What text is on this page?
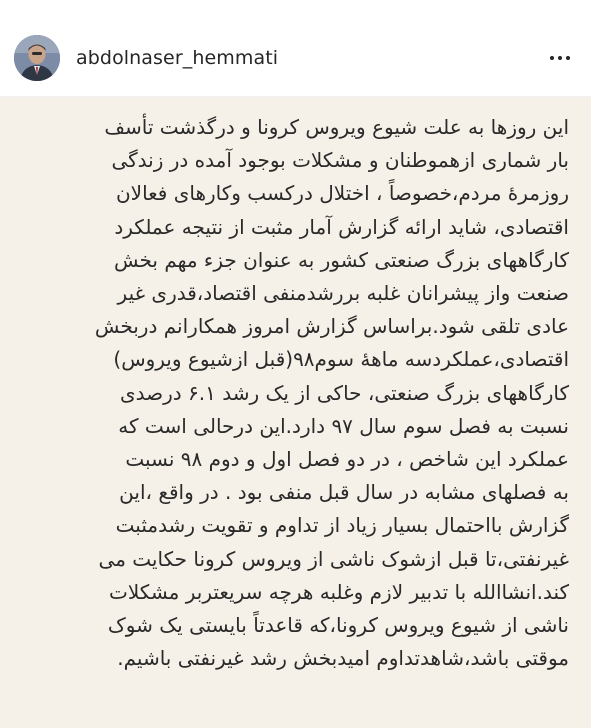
abdolnaser_hemmati
این روزها به علت شیوع ویروس کرونا و درگذشت تأسف
بار شماری ازهموطنان و مشکلات بوجود آمده در زندگی
روزمرۀ مردم،خصوصاً ، اختلال درکسب وکارهای فعالان
اقتصادی، شاید ارائه گزارش آمار مثبت از نتیجه عملکرد
کارگاههای بزرگ صنعتی کشور به عنوان جزء مهم بخش
صنعت واز پیشرانان غلبه بررشدمنفی اقتصاد،قدری غیر
عادی تلقی شود.براساس گزارش امروز همکارانم دربخش
اقتصادی،عملکردسه ماهۀ سوم۹۸(قبل ازشیوع ویروس)
کارگاههای بزرگ صنعتی، حاکی از یک رشد ۶.۱ درصدی
نسبت به فصل سوم سال ۹۷ دارد.این درحالی است که
عملکرد این شاخص ، در دو فصل اول و دوم ۹۸ نسبت
به فصلهای مشابه در سال قبل منفی بود . در واقع ،این
گزارش بااحتمال بسیار زیاد از تداوم و تقویت رشدمثبت
غیرنفتی،تا قبل ازشوک ناشی از ویروس کرونا حکایت می
کند.انشاالله با تدبیر لازم وغلبه هرچه سریعتربر مشکلات
ناشی از شیوع ویروس کرونا،که قاعدتاً بایستی یک شوک
موقتی باشد،شاهدتداوم امیدبخش رشد غیرنفتی باشیم.
